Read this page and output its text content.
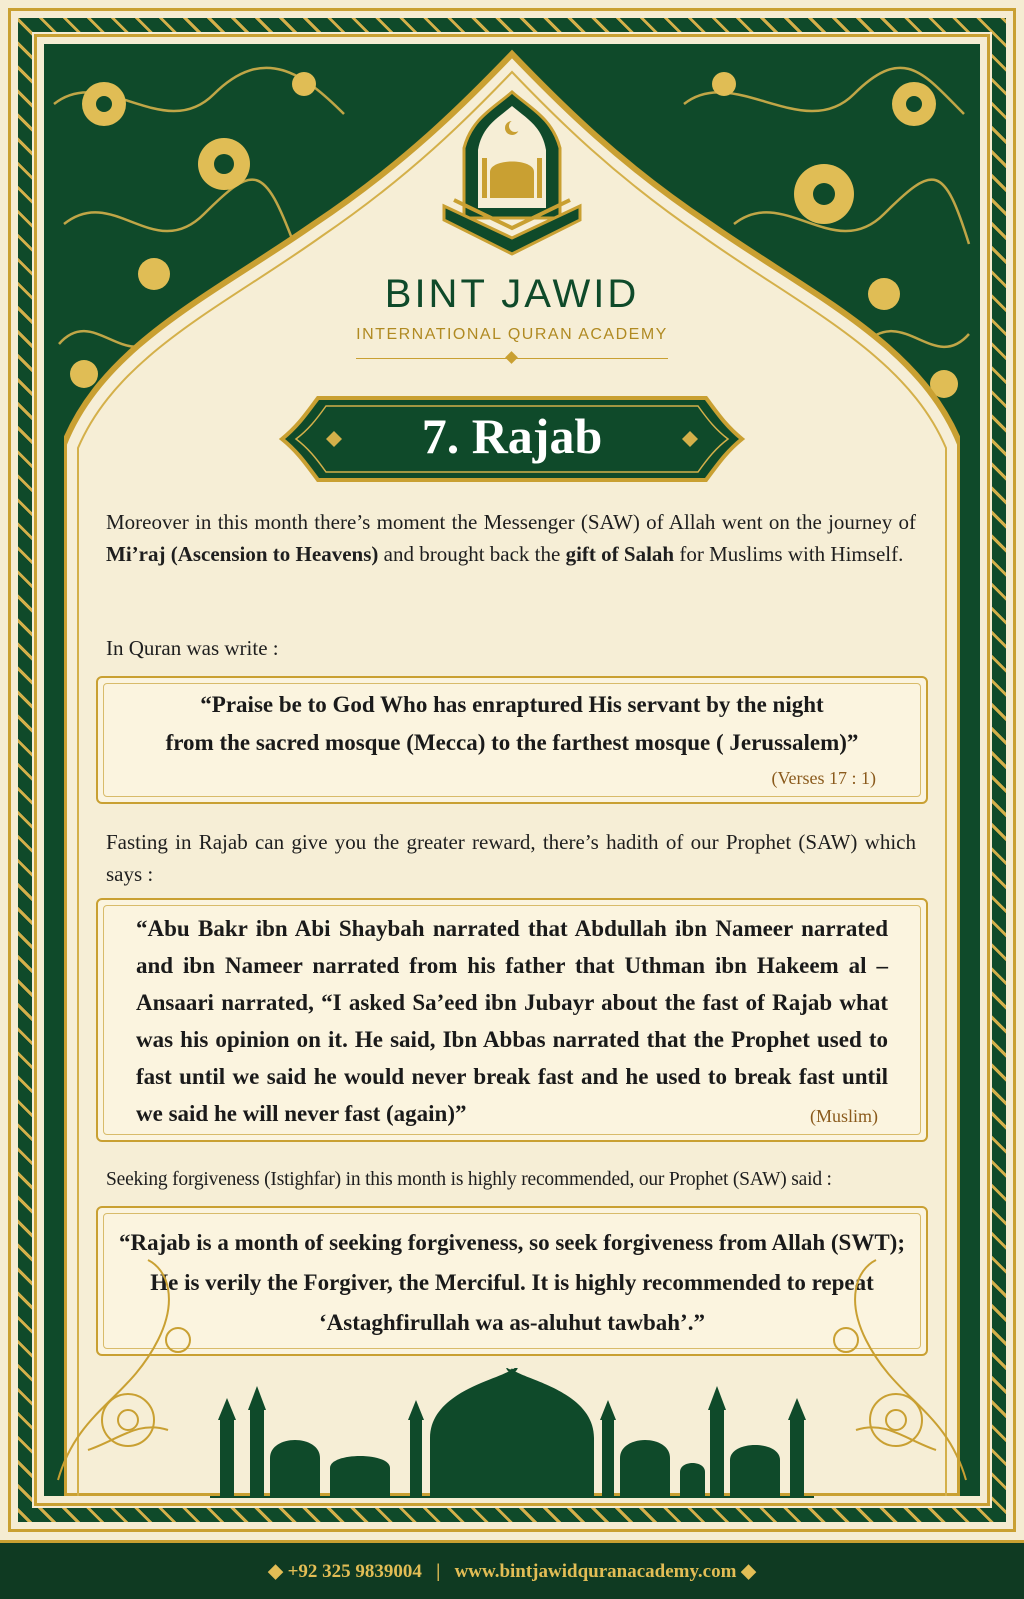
BINT JAWID
INTERNATIONAL QURAN ACADEMY
7. Rajab
Moreover in this month there’s moment the Messenger (SAW) of Allah went on the journey of Mi’raj (Ascension to Heavens) and brought back the gift of Salah for Muslims with Himself.
In Quran was write :
“Praise be to God Who has enraptured His servant by the night
from the sacred mosque (Mecca) to the farthest mosque ( Jerussalem)”
(Verses 17 : 1)
Fasting in Rajab can give you the greater reward, there’s hadith of our Prophet (SAW) which says :
“Abu Bakr ibn Abi Shaybah narrated that Abdullah ibn Nameer narrated and ibn Nameer narrated from his father that Uthman ibn Hakeem al – Ansaari narrated, “I asked Sa’eed ibn Jubayr about the fast of Rajab what was his opinion on it. He said, Ibn Abbas narrated that the Prophet used to fast until we said he would never break fast and he used to break fast until we said he will never fast (again)”	(Muslim)
Seeking forgiveness (Istighfar) in this month is highly recommended, our Prophet (SAW) said :
“Rajab is a month of seeking forgiveness, so seek forgiveness from Allah (SWT);
He is verily the Forgiver, the Merciful. It is highly recommended to repeat
‘Astaghfirullah wa as-aluhut tawbah’.”
◆ +92 325 9839004 | www.bintjawidquranacademy.com ◆
